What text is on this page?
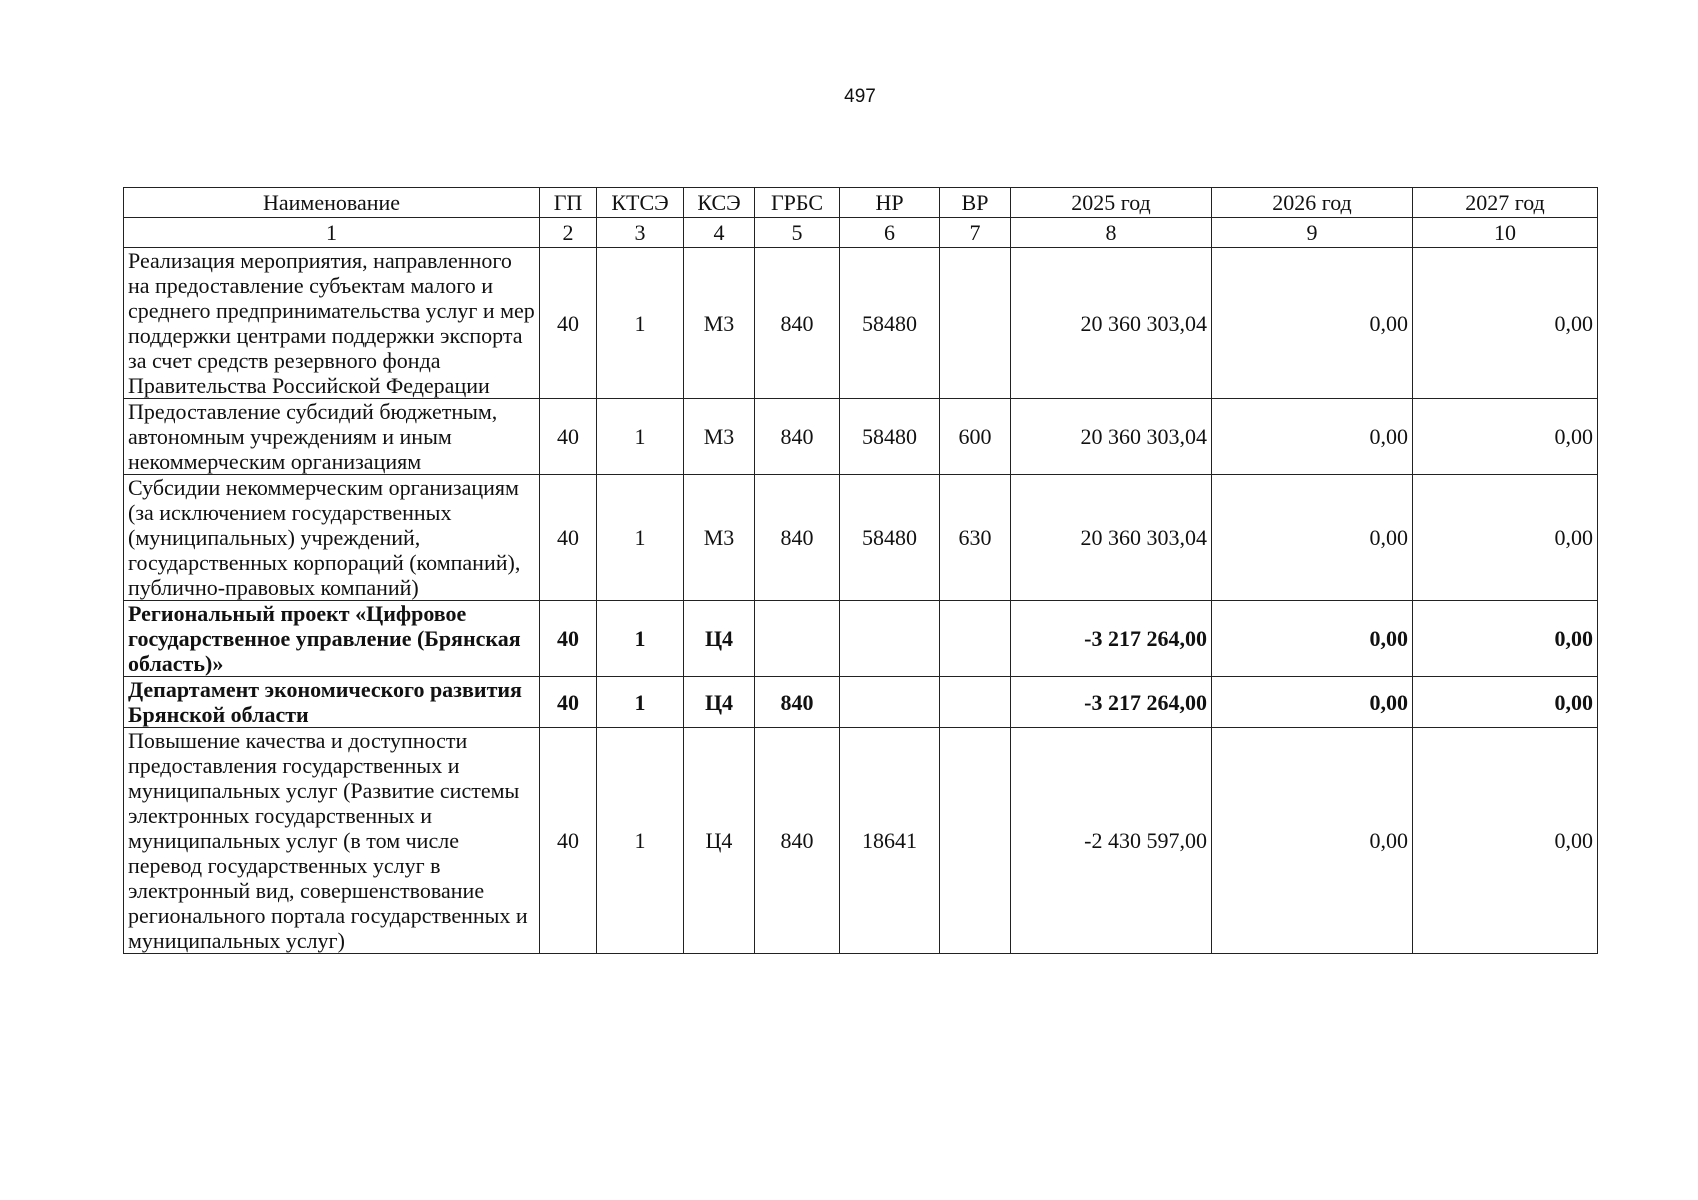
497
Наименование	ГП	КТСЭ	КСЭ	ГРБС	НР	ВР	2025 год	2026 год	2027 год
1	2	3	4	5	6	7	8	9	10
Реализация мероприятия, направленного на предоставление субъектам малого и среднего предпринимательства услуг и мер поддержки центрами поддержки экспорта за счет средств резервного фонда Правительства Российской Федерации	40	1	М3	840	58480		20 360 303,04	0,00	0,00
Предоставление субсидий бюджетным, автономным учреждениям и иным некоммерческим организациям	40	1	М3	840	58480	600	20 360 303,04	0,00	0,00
Субсидии некоммерческим организациям (за исключением государственных (муниципальных) учреждений, государственных корпораций (компаний), публично-правовых компаний)	40	1	М3	840	58480	630	20 360 303,04	0,00	0,00
Региональный проект «Цифровое государственное управление (Брянская область)»	40	1	Ц4				-3 217 264,00	0,00	0,00
Департамент экономического развития Брянской области	40	1	Ц4	840			-3 217 264,00	0,00	0,00
Повышение качества и доступности предоставления государственных и муниципальных услуг (Развитие системы электронных государственных и муниципальных услуг (в том числе перевод государственных услуг в электронный вид, совершенствование регионального портала государственных и муниципальных услуг)	40	1	Ц4	840	18641		-2 430 597,00	0,00	0,00
